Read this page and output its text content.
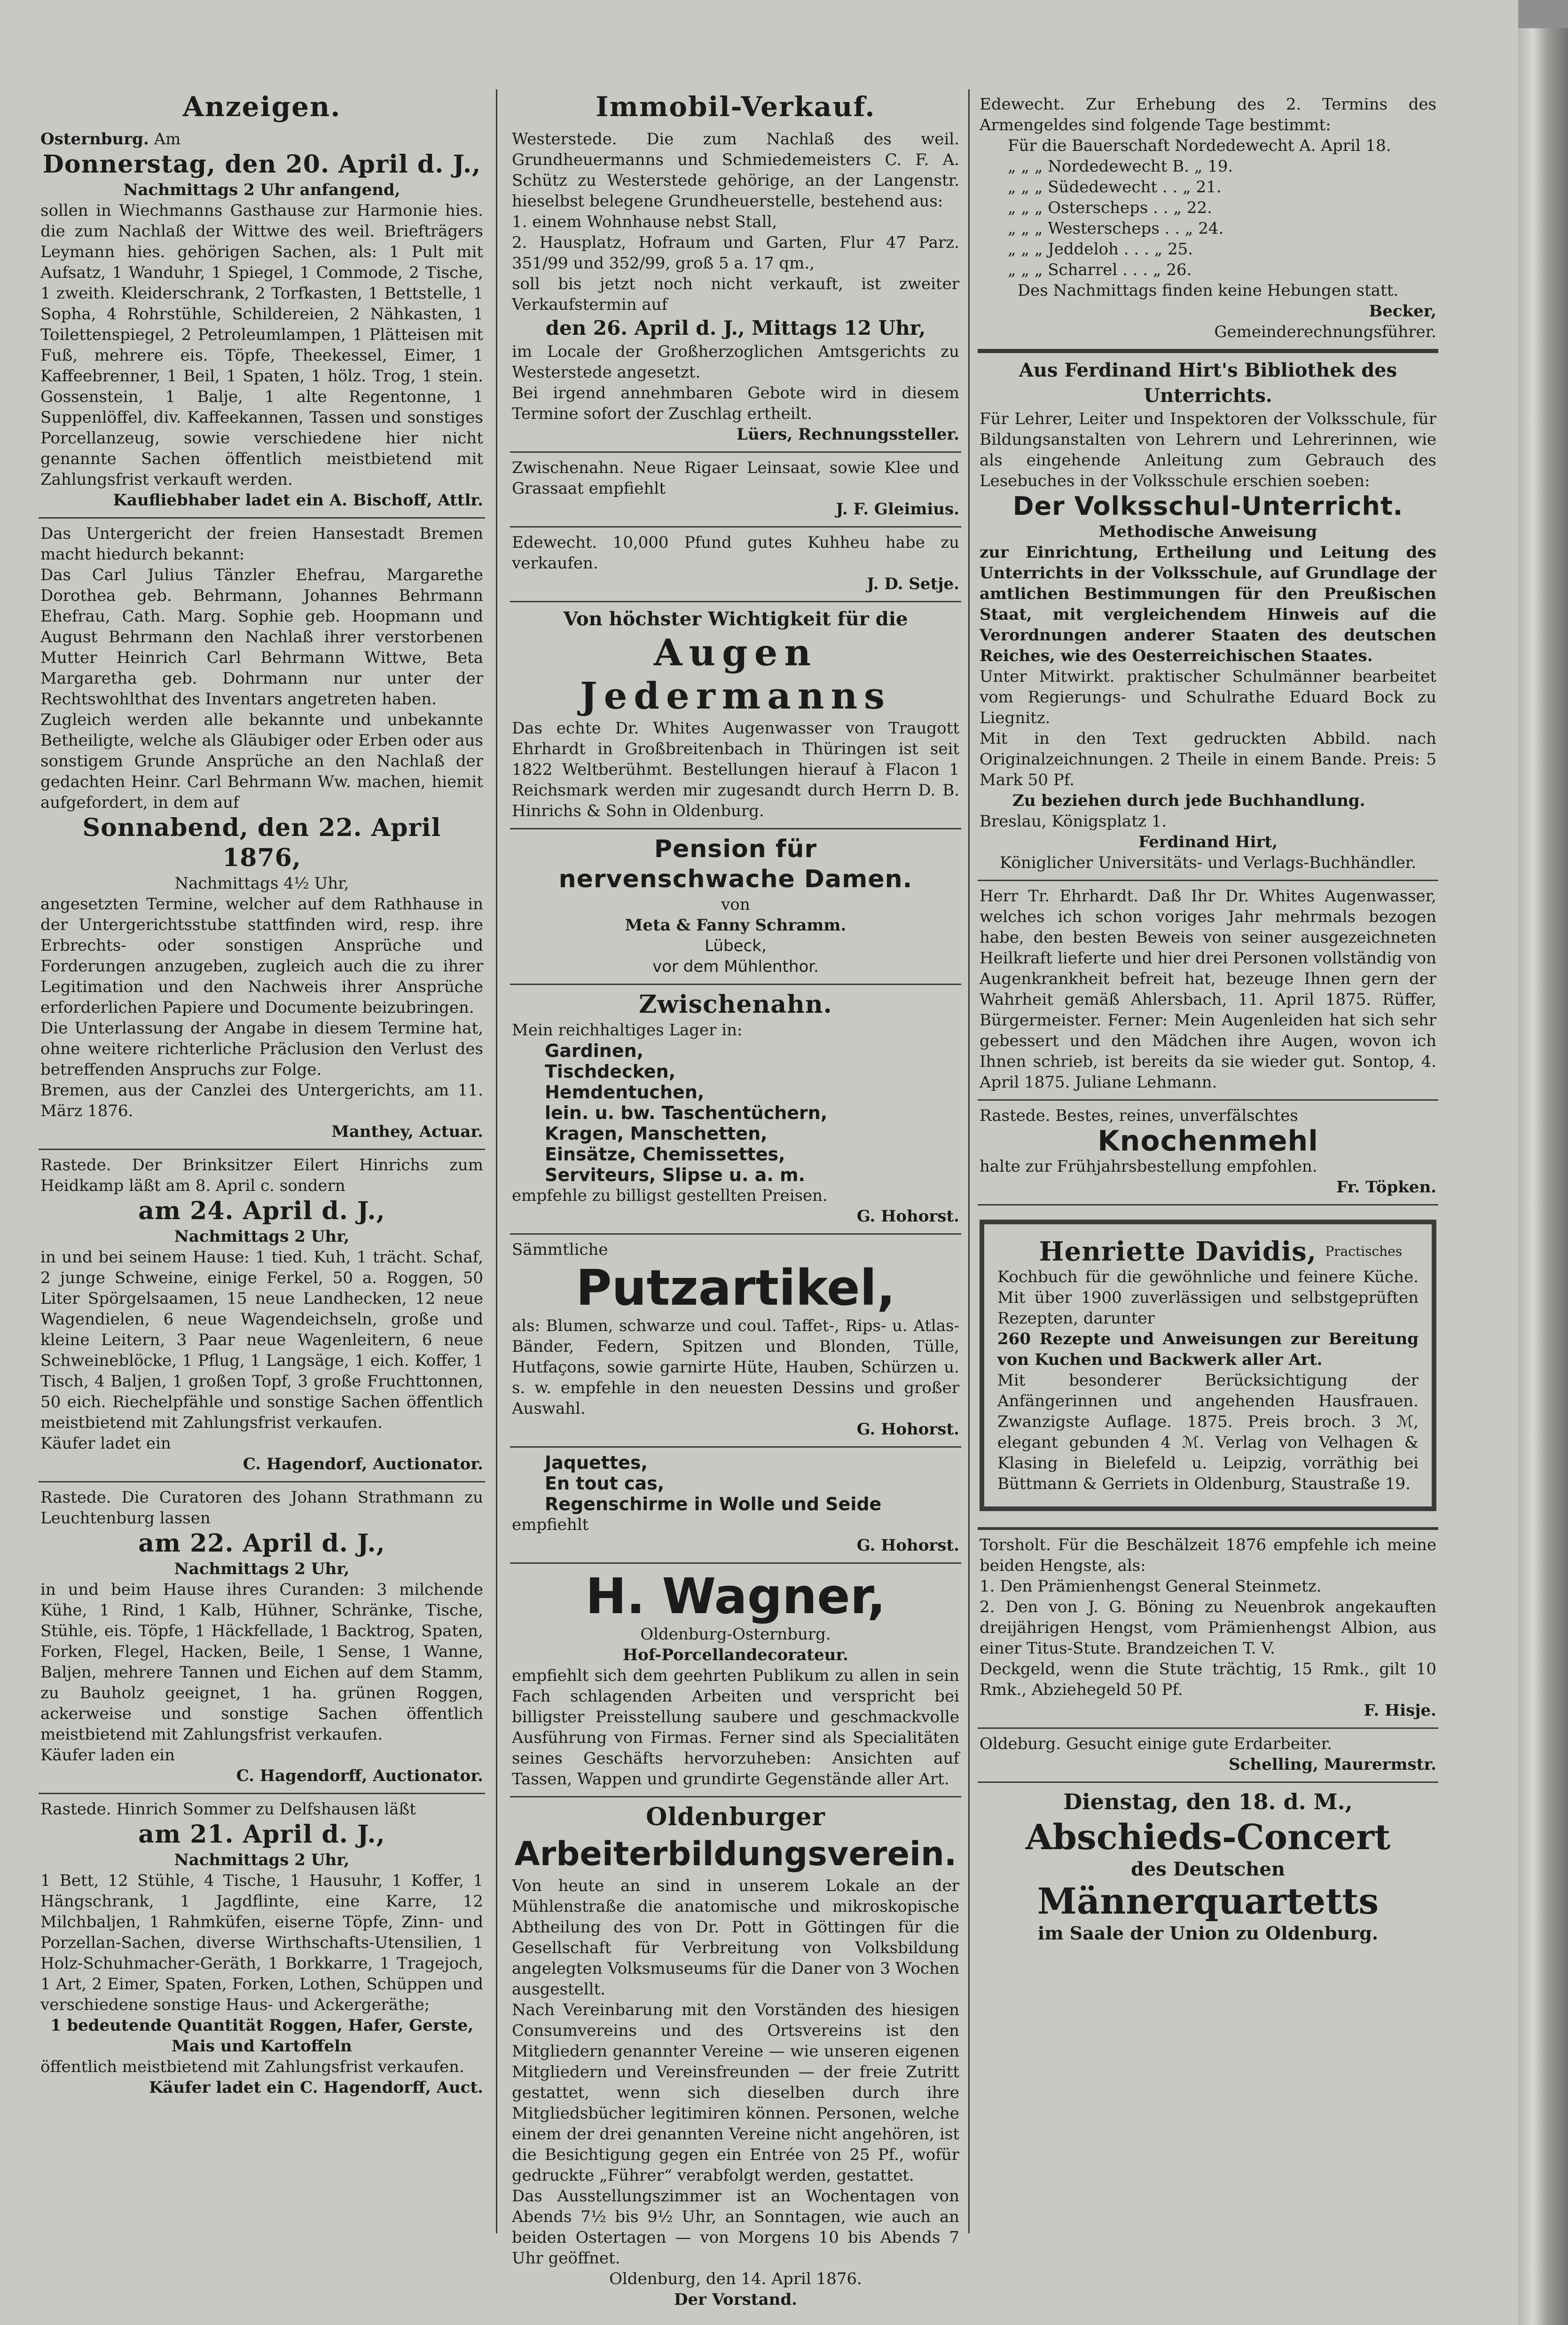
Anzeigen.
Osternburg. Am
Donnerstag, den 20. April d. J.,
Nachmittags 2 Uhr anfangend,

sollen in Wiechmanns Gasthause zur Harmonie hies. die zum Nachlaß der Wittwe des weil. Briefträgers Leymann hies. gehörigen Sachen, als: 1 Pult mit Aufsatz, 1 Wanduhr, 1 Spiegel, 1 Commode, 2 Tische, 1 zweith. Kleiderschrank, 2 Torfkasten, 1 Bettstelle, 1 Sopha, 4 Rohrstühle, Schildereien, 2 Nähkasten, 1 Toilettenspiegel, 2 Petroleumlampen, 1 Plätteisen mit Fuß, mehrere eis. Töpfe, Theekessel, Eimer, 1 Kaffeebrenner, 1 Beil, 1 Spaten, 1 hölz. Trog, 1 stein. Gossenstein, 1 Balje, 1 alte Regentonne, 1 Suppenlöffel, div. Kaffeekannen, Tassen und sonstiges Porcellanzeug, sowie verschiedene hier nicht genannte Sachen öffentlich meistbietend mit Zahlungsfrist verkauft werden.

Kaufliebhaber ladet ein A. Bischoff, Attlr.

Das Untergericht der freien Hansestadt Bremen macht hiedurch bekannt:

Das Carl Julius Tänzler Ehefrau, Margarethe Dorothea geb. Behrmann, Johannes Behrmann Ehefrau, Cath. Marg. Sophie geb. Hoopmann und August Behrmann den Nachlaß ihrer verstorbenen Mutter Heinrich Carl Behrmann Wittwe, Beta Margaretha geb. Dohrmann nur unter der Rechtswohlthat des Inventars angetreten haben.

Zugleich werden alle bekannte und unbekannte Betheiligte, welche als Gläubiger oder Erben oder aus sonstigem Grunde Ansprüche an den Nachlaß der gedachten Heinr. Carl Behrmann Ww. machen, hiemit aufgefordert, in dem auf

Sonnabend, den 22. April 1876,
Nachmittags 4½ Uhr,

angesetzten Termine, welcher auf dem Rathhause in der Untergerichtsstube stattfinden wird, resp. ihre Erbrechts- oder sonstigen Ansprüche und Forderungen anzugeben, zugleich auch die zu ihrer Legitimation und den Nachweis ihrer Ansprüche erforderlichen Papiere und Documente beizubringen.

Die Unterlassung der Angabe in diesem Termine hat, ohne weitere richterliche Präclusion den Verlust des betreffenden Anspruchs zur Folge.

Bremen, aus der Canzlei des Untergerichts, am 11. März 1876.

Manthey, Actuar.

Rastede. Der Brinksitzer Eilert Hinrichs zum Heidkamp läßt am 8. April c. sondern

am 24. April d. J.,
Nachmittags 2 Uhr,

in und bei seinem Hause: 1 tied. Kuh, 1 trächt. Schaf, 2 junge Schweine, einige Ferkel, 50 a. Roggen, 50 Liter Spörgelsaamen, 15 neue Landhecken, 12 neue Wagendielen, 6 neue Wagendeichseln, große und kleine Leitern, 3 Paar neue Wagenleitern, 6 neue Schweineblöcke, 1 Pflug, 1 Langsäge, 1 eich. Koffer, 1 Tisch, 4 Baljen, 1 großen Topf, 3 große Fruchttonnen, 50 eich. Riechelpfähle und sonstige Sachen öffentlich meistbietend mit Zahlungsfrist verkaufen.

Käufer ladet ein
C. Hagendorf, Auctionator.

Rastede. Die Curatoren des Johann Strathmann zu Leuchtenburg lassen

am 22. April d. J.,
Nachmittags 2 Uhr,

in und beim Hause ihres Curanden: 3 milchende Kühe, 1 Rind, 1 Kalb, Hühner, Schränke, Tische, Stühle, eis. Töpfe, 1 Häckfellade, 1 Backtrog, Spaten, Forken, Flegel, Hacken, Beile, 1 Sense, 1 Wanne, Baljen, mehrere Tannen und Eichen auf dem Stamm, zu Bauholz geeignet, 1 ha. grünen Roggen, ackerweise und sonstige Sachen öffentlich meistbietend mit Zahlungsfrist verkaufen.

Käufer laden ein
C. Hagendorff, Auctionator.

Rastede. Hinrich Sommer zu Delfshausen läßt

am 21. April d. J.,
Nachmittags 2 Uhr,

1 Bett, 12 Stühle, 4 Tische, 1 Hausuhr, 1 Koffer, 1 Hängschrank, 1 Jagdflinte, eine Karre, 12 Milchbaljen, 1 Rahmküfen, eiserne Töpfe, Zinn- und Porzellan-Sachen, diverse Wirthschafts-Utensilien, 1 Holz-Schuhmacher-Geräth, 1 Borkkarre, 1 Tragejoch, 1 Art, 2 Eimer, Spaten, Forken, Lothen, Schüppen und verschiedene sonstige Haus- und Ackergeräthe;

1 bedeutende Quantität Roggen, Hafer, Gerste, Mais und Kartoffeln

öffentlich meistbietend mit Zahlungsfrist verkaufen.

Käufer ladet ein C. Hagendorff, Auct.
Immobil-Verkauf.

Westerstede. Die zum Nachlaß des weil. Grundheuermanns und Schmiedemeisters C. F. A. Schütz zu Westerstede gehörige, an der Langenstr. hieselbst belegene Grundheuerstelle, bestehend aus:

1. einem Wohnhause nebst Stall,
2. Hausplatz, Hofraum und Garten, Flur 47 Parz. 351/99 und 352/99, groß 5 a. 17 qm.,

soll bis jetzt noch nicht verkauft, ist zweiter Verkaufstermin auf

den 26. April d. J., Mittags 12 Uhr,

im Locale der Großherzoglichen Amtsgerichts zu Westerstede angesetzt.

Bei irgend annehmbaren Gebote wird in diesem Termine sofort der Zuschlag ertheilt.

Lüers, Rechnungssteller.

Zwischenahn. Neue Rigaer Leinsaat, sowie Klee und Grassaat empfiehlt

J. F. Gleimius.

Edewecht. 10,000 Pfund gutes Kuhheu habe zu verkaufen.

J. D. Setje.
Von höchster Wichtigkeit für die
Augen Jedermanns

Das echte Dr. Whites Augenwasser von Traugott Ehrhardt in Großbreitenbach in Thüringen ist seit 1822 Weltberühmt. Bestellungen hierauf à Flacon 1 Reichsmark werden mir zugesandt durch Herrn D. B. Hinrichs & Sohn in Oldenburg.

Pension für
nervenschwache Damen.
von
Meta & Fanny Schramm.
Lübeck,
vor dem Mühlenthor.
Zwischenahn.
Mein reichhaltiges Lager in:
Gardinen,
Tischdecken,
Hemdentuchen,
lein. u. bw. Taschentüchern,
Kragen, Manschetten,
Einsätze, Chemissettes,
Serviteurs, Slipse u. a. m.
empfehle zu billigst gestellten Preisen.
G. Hohorst.
Sämmtliche
Putzartikel,

als: Blumen, schwarze und coul. Taffet-, Rips- u. Atlas-Bänder, Federn, Spitzen und Blonden, Tülle, Hutfaçons, sowie garnirte Hüte, Hauben, Schürzen u. s. w. empfehle in den neuesten Dessins und großer Auswahl.

G. Hohorst.
Jaquettes,
En tout cas,
Regenschirme in Wolle und Seide
empfiehlt
G. Hohorst.
H. Wagner,
Oldenburg-Osternburg.
Hof-Porcellandecorateur.

empfiehlt sich dem geehrten Publikum zu allen in sein Fach schlagenden Arbeiten und verspricht bei billigster Preisstellung saubere und geschmackvolle Ausführung von Firmas. Ferner sind als Specialitäten seines Geschäfts hervorzuheben: Ansichten auf Tassen, Wappen und grundirte Gegenstände aller Art.

Oldenburger
Arbeiterbildungsverein.

Von heute an sind in unserem Lokale an der Mühlenstraße die anatomische und mikroskopische Abtheilung des von Dr. Pott in Göttingen für die Gesellschaft für Verbreitung von Volksbildung angelegten Volksmuseums für die Daner von 3 Wochen ausgestellt.

Nach Vereinbarung mit den Vorständen des hiesigen Consumvereins und des Ortsvereins ist den Mitgliedern genannter Vereine — wie unseren eigenen Mitgliedern und Vereinsfreunden — der freie Zutritt gestattet, wenn sich dieselben durch ihre Mitgliedsbücher legitimiren können. Personen, welche einem der drei genannten Vereine nicht angehören, ist die Besichtigung gegen ein Entrée von 25 Pf., wofür gedruckte „Führer“ verabfolgt werden, gestattet.

Das Ausstellungszimmer ist an Wochentagen von Abends 7½ bis 9½ Uhr, an Sonntagen, wie auch an beiden Ostertagen — von Morgens 10 bis Abends 7 Uhr geöffnet.

Oldenburg, den 14. April 1876.
Der Vorstand.

Edewecht. Zur Erhebung des 2. Termins des Armengeldes sind folgende Tage bestimmt:

Für die Bauerschaft Nordedewecht A. April 18.
„ „ „ Nordedewecht B. „ 19.
„ „ „ Südedewecht . . „ 21.
„ „ „ Osterscheps . . „ 22.
„ „ „ Westerscheps . . „ 24.
„ „ „ Jeddeloh . . . „ 25.
„ „ „ Scharrel . . . „ 26.
Des Nachmittags finden keine Hebungen statt.
Becker,
Gemeinderechnungsführer.
Aus Ferdinand Hirt's Bibliothek des Unterrichts.

Für Lehrer, Leiter und Inspektoren der Volksschule, für Bildungsanstalten von Lehrern und Lehrerinnen, wie als eingehende Anleitung zum Gebrauch des Lesebuches in der Volksschule erschien soeben:

Der Volksschul-Unterricht.
Methodische Anweisung

zur Einrichtung, Ertheilung und Leitung des Unterrichts in der Volksschule, auf Grundlage der amtlichen Bestimmungen für den Preußischen Staat, mit vergleichendem Hinweis auf die Verordnungen anderer Staaten des deutschen Reiches, wie des Oesterreichischen Staates.

Unter Mitwirkt. praktischer Schulmänner bearbeitet vom Regierungs- und Schulrathe Eduard Bock zu Liegnitz.

Mit in den Text gedruckten Abbild. nach Originalzeichnungen. 2 Theile in einem Bande. Preis: 5 Mark 50 Pf.

Zu beziehen durch jede Buchhandlung.
Breslau, Königsplatz 1.
Ferdinand Hirt,
Königlicher Universitäts- und Verlags-Buchhändler.

Herr Tr. Ehrhardt. Daß Ihr Dr. Whites Augenwasser, welches ich schon voriges Jahr mehrmals bezogen habe, den besten Beweis von seiner ausgezeichneten Heilkraft lieferte und hier drei Personen vollständig von Augenkrankheit befreit hat, bezeuge Ihnen gern der Wahrheit gemäß Ahlersbach, 11. April 1875. Rüffer, Bürgermeister. Ferner: Mein Augenleiden hat sich sehr gebessert und den Mädchen ihre Augen, wovon ich Ihnen schrieb, ist bereits da sie wieder gut. Sontop, 4. April 1875. Juliane Lehmann.

Rastede. Bestes, reines, unverfälschtes
Knochenmehl
halte zur Frühjahrsbestellung empfohlen.
Fr. Töpken.
Henriette Davidis, Practisches

Kochbuch für die gewöhnliche und feinere Küche. Mit über 1900 zuverlässigen und selbstgeprüften Rezepten, darunter

260 Rezepte und Anweisungen zur Bereitung von Kuchen und Backwerk aller Art.

Mit besonderer Berücksichtigung der Anfängerinnen und angehenden Hausfrauen. Zwanzigste Auflage. 1875. Preis broch. 3 ℳ, elegant gebunden 4 ℳ. Verlag von Velhagen & Klasing in Bielefeld u. Leipzig, vorräthig bei Büttmann & Gerriets in Oldenburg, Staustraße 19.

Torsholt. Für die Beschälzeit 1876 empfehle ich meine beiden Hengste, als:

1. Den Prämienhengst General Steinmetz.
2. Den von J. G. Böning zu Neuenbrok angekauften dreijährigen Hengst, vom Prämienhengst Albion, aus einer Titus-Stute. Brandzeichen T. V.

Deckgeld, wenn die Stute trächtig, 15 Rmk., gilt 10 Rmk., Abziehegeld 50 Pf.

F. Hisje.

Oldeburg. Gesucht einige gute Erdarbeiter.

Schelling, Maurermstr.
Dienstag, den 18. d. M.,
Abschieds-Concert
des Deutschen
Männerquartetts
im Saale der Union zu Oldenburg.
